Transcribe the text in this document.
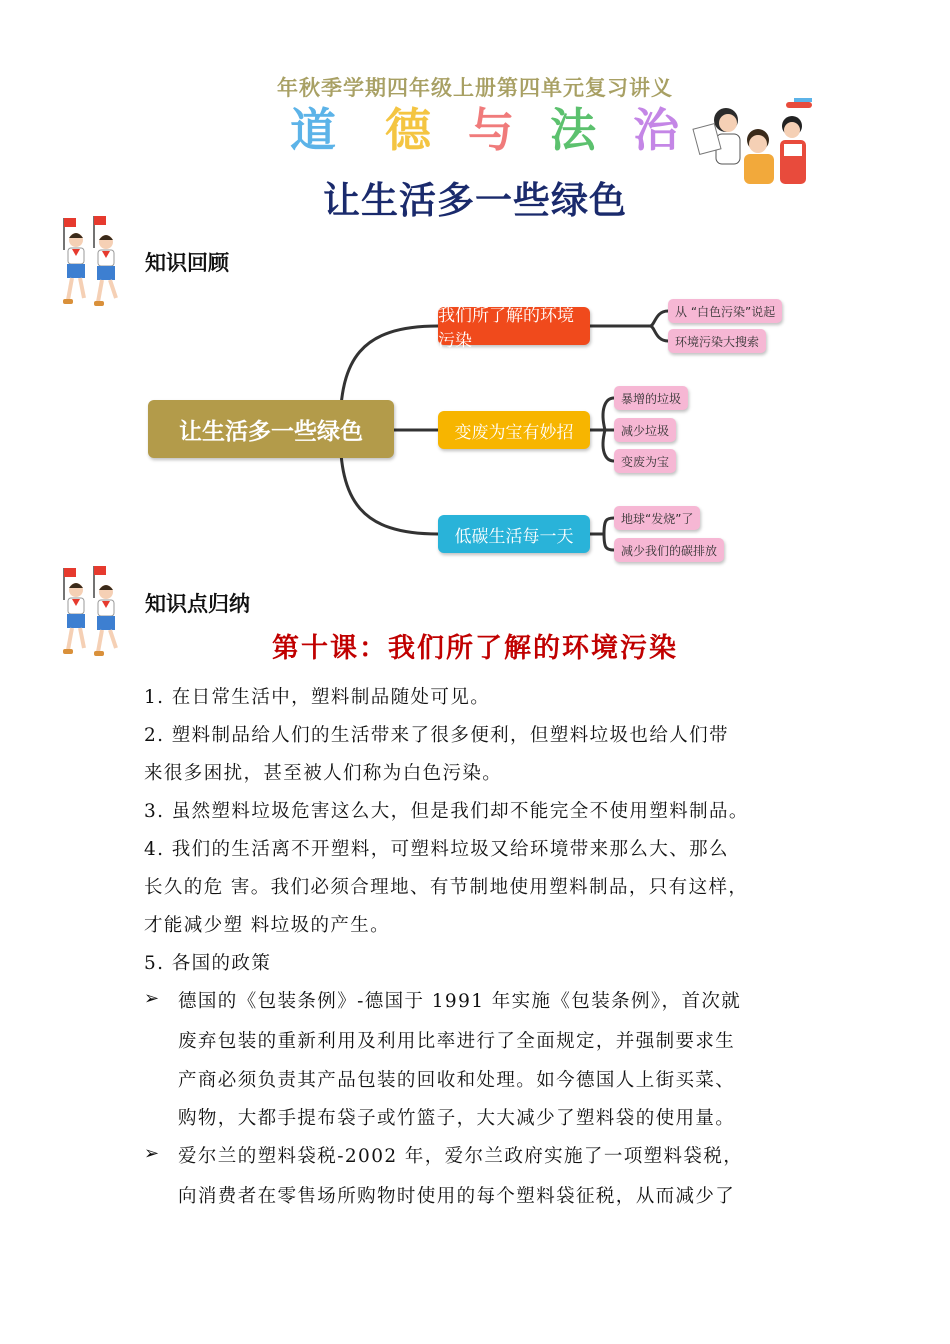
年秋季学期四年级上册第四单元复习讲义
道 德 与 法 治
让生活多一些绿色
知识回顾
让生活多一些绿色
我们所了解的环境污染
变废为宝有妙招
低碳生活每一天
从 “白色污染”说起
环境污染大搜索
暴增的垃圾
减少垃圾
变废为宝
地球“发烧”了
减少我们的碳排放
知识点归纳
第十课：我们所了解的环境污染
1. 在日常生活中，塑料制品随处可见。
2. 塑料制品给人们的生活带来了很多便利，但塑料垃圾也给人们带
来很多困扰，甚至被人们称为白色污染。
3. 虽然塑料垃圾危害这么大，但是我们却不能完全不使用塑料制品。
4. 我们的生活离不开塑料，可塑料垃圾又给环境带来那么大、那么
长久的危 害。我们必须合理地、有节制地使用塑料制品，只有这样，
才能减少塑 料垃圾的产生。
5. 各国的政策
➢ 德国的《包装条例》-德国于 1991 年实施《包装条例》，首次就
废弃包装的重新利用及利用比率进行了全面规定，并强制要求生
产商必须负责其产品包装的回收和处理。如今德国人上街买菜、
购物，大都手提布袋子或竹篮子，大大减少了塑料袋的使用量。
➢ 爱尔兰的塑料袋税-2002 年，爱尔兰政府实施了一项塑料袋税，
向消费者在零售场所购物时使用的每个塑料袋征税，从而减少了
